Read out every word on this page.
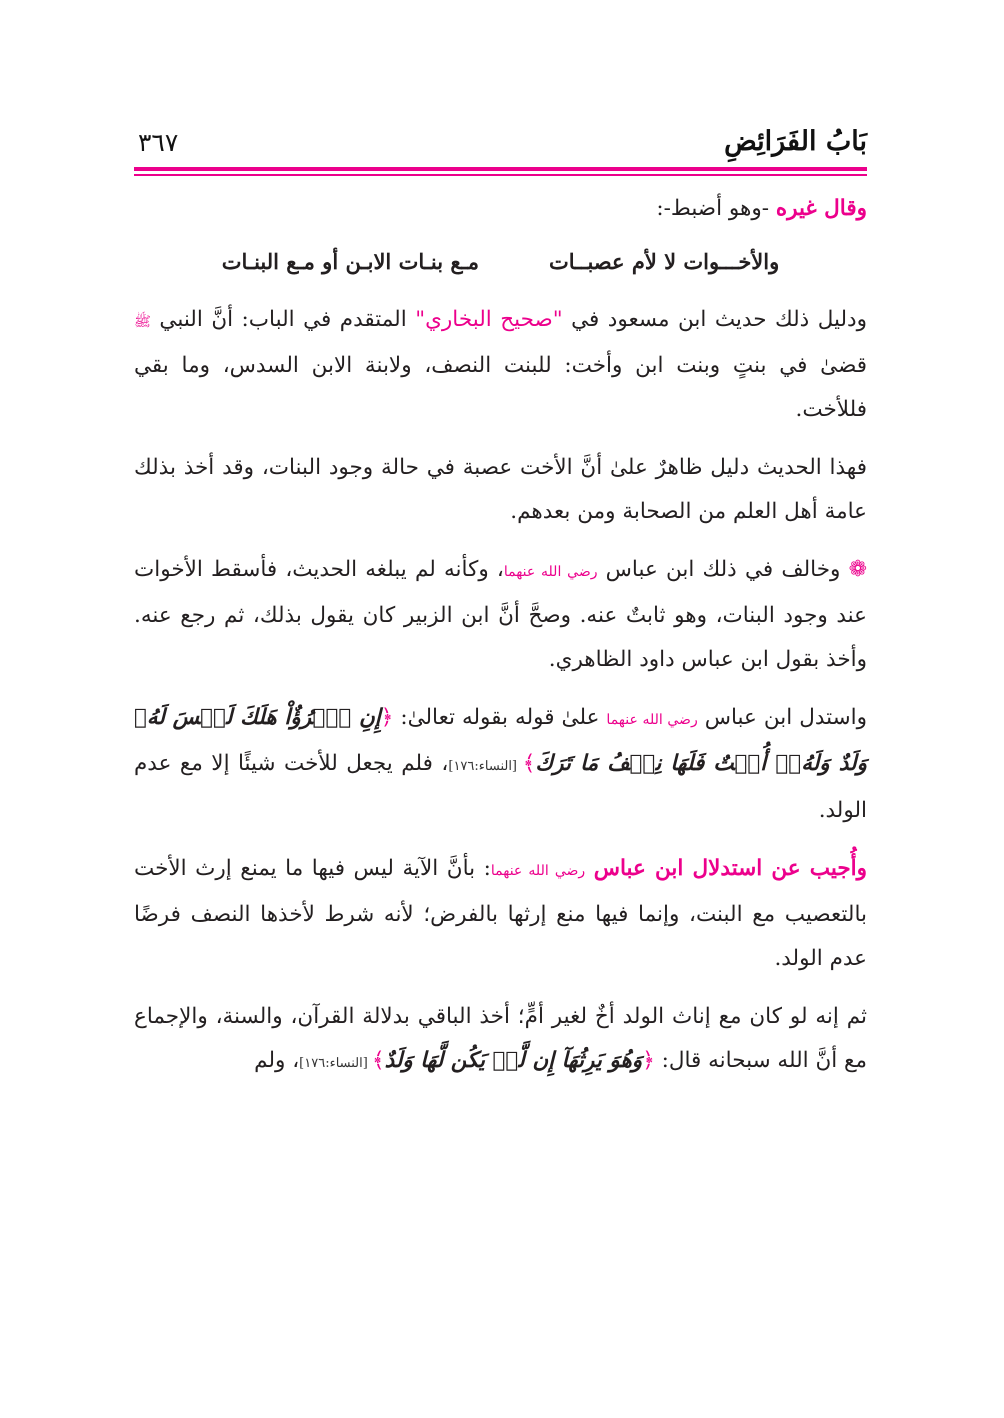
بَابُ الفَرَائِضِ
٣٦٧

وقال غيره -وهو أضبط-:

والأخـــوات لا لأم عصبــات
مـع بنـات الابـن أو مـع البنـات

ودليل ذلك حديث ابن مسعود في "صحيح البخاري" المتقدم في الباب: أنَّ النبي ﷺ قضىٰ في بنتٍ وبنت ابن وأخت: للبنت النصف، ولابنة الابن السدس، وما بقي فللأخت.

فهذا الحديث دليل ظاهرٌ علىٰ أنَّ الأخت عصبة في حالة وجود البنات، وقد أخذ بذلك عامة أهل العلم من الصحابة ومن بعدهم.

❁ وخالف في ذلك ابن عباس رضي الله عنهما، وكأنه لم يبلغه الحديث، فأسقط الأخوات عند وجود البنات، وهو ثابتٌ عنه. وصحَّ أنَّ ابن الزبير كان يقول بذلك، ثم رجع عنه. وأخذ بقول ابن عباس داود الظاهري.

واستدل ابن عباس رضي الله عنهما علىٰ قوله بقوله تعالىٰ: ﴿إِنِ ٱمۡرُؤٌاْ هَلَكَ لَيۡسَ لَهُۥ وَلَدٌ وَلَهُۥٓ أُخۡتٌ فَلَهَا نِصۡفُ مَا تَرَكَ﴾ [النساء:١٧٦]، فلم يجعل للأخت شيئًا إلا مع عدم الولد.

وأُجيب عن استدلال ابن عباس رضي الله عنهما: بأنَّ الآية ليس فيها ما يمنع إرث الأخت بالتعصيب مع البنت، وإنما فيها منع إرثها بالفرض؛ لأنه شرط لأخذها النصف فرضًا عدم الولد.

ثم إنه لو كان مع إناث الولد أخٌ لغير أمٍّ؛ أخذ الباقي بدلالة القرآن، والسنة، والإجماع مع أنَّ الله سبحانه قال: ﴿وَهُوَ يَرِثُهَآ إِن لَّمۡ يَكُن لَّهَا وَلَدٌ﴾ [النساء:١٧٦]، ولم
